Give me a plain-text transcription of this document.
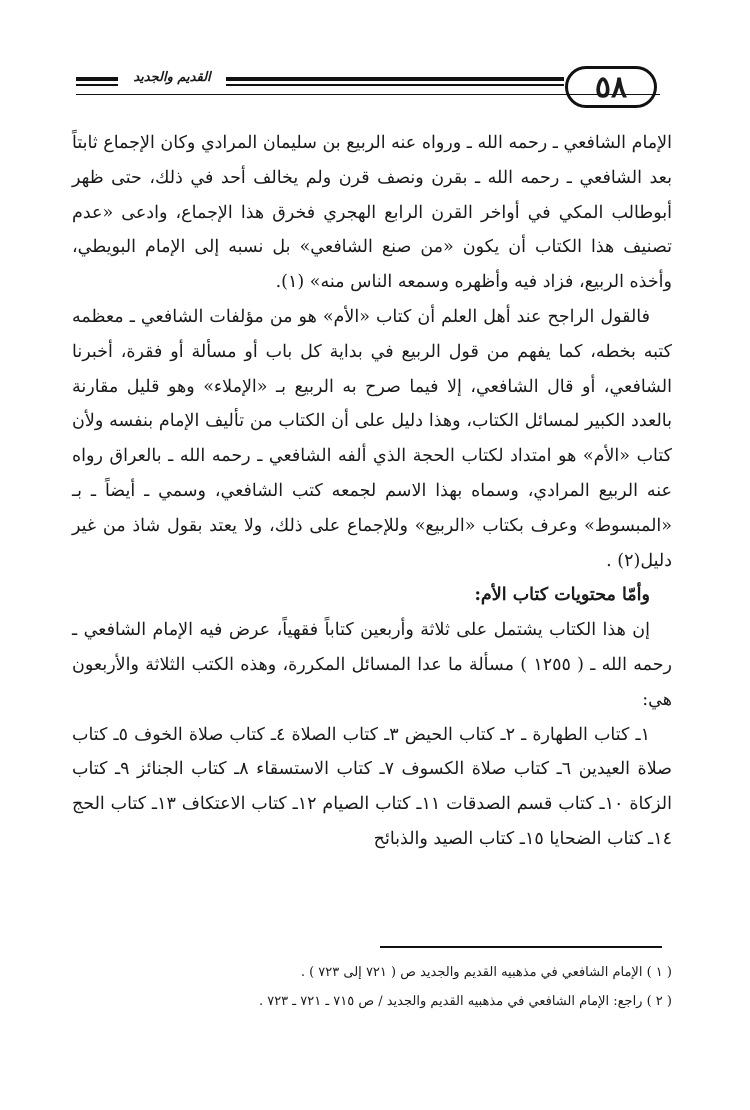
القديم والجديد	٥٨

الإمام الشافعي ـ رحمه الله ـ ورواه عنه الربيع بن سليمان المرادي وكان الإجماع ثابتاً بعد الشافعي ـ رحمه الله ـ بقرن ونصف قرن ولم يخالف أحد في ذلك، حتى ظهر أبوطالب المكي في أواخر القرن الرابع الهجري فخرق هذا الإجماع، وادعى «عدم تصنيف هذا الكتاب أن يكون «من صنع الشافعي» بل نسبه إلى الإمام البويطي، وأخذه الربيع، فزاد فيه وأظهره وسمعه الناس منه» (١).

فالقول الراجح عند أهل العلم أن كتاب «الأم» هو من مؤلفات الشافعي ـ معظمه كتبه بخطه، كما يفهم من قول الربيع في بداية كل باب أو مسألة أو فقرة، أخبرنا الشافعي، أو قال الشافعي، إلا فيما صرح به الربيع بـ «الإملاء» وهو قليل مقارنة بالعدد الكبير لمسائل الكتاب، وهذا دليل على أن الكتاب من تأليف الإمام بنفسه ولأن كتاب «الأم» هو امتداد لكتاب الحجة الذي ألفه الشافعي ـ رحمه الله ـ بالعراق رواه عنه الربيع المرادي، وسماه بهذا الاسم لجمعه كتب الشافعي، وسمي ـ أيضاً ـ بـ «المبسوط» وعرف بكتاب «الربيع» وللإجماع على ذلك، ولا يعتد بقول شاذ من غير دليل(٢) .

وأمّا محتويات كتاب الأم:

إن هذا الكتاب يشتمل على ثلاثة وأربعين كتاباً فقهياً، عرض فيه الإمام الشافعي ـ رحمه الله ـ ( ١٢٥٥ ) مسألة ما عدا المسائل المكررة، وهذه الكتب الثلاثة والأربعون هي:

١ـ كتاب الطهارة ـ ٢ـ كتاب الحيض ٣ـ كتاب الصلاة ٤ـ كتاب صلاة الخوف ٥ـ كتاب صلاة العيدين ٦ـ كتاب صلاة الكسوف ٧ـ كتاب الاستسقاء ٨ـ كتاب الجنائز ٩ـ كتاب الزكاة ١٠ـ كتاب قسم الصدقات ١١ـ كتاب الصيام ١٢ـ كتاب الاعتكاف ١٣ـ كتاب الحج ١٤ـ كتاب الضحايا ١٥ـ كتاب الصيد والذبائح

( ١ ) الإمام الشافعي في مذهبيه القديم والجديد ص ( ٧٢١ إلى ٧٢٣ ) .

( ٢ ) راجع: الإمام الشافعي في مذهبيه القديم والجديد / ص ٧١٥ ـ ٧٢١ ـ ٧٢٣ .
